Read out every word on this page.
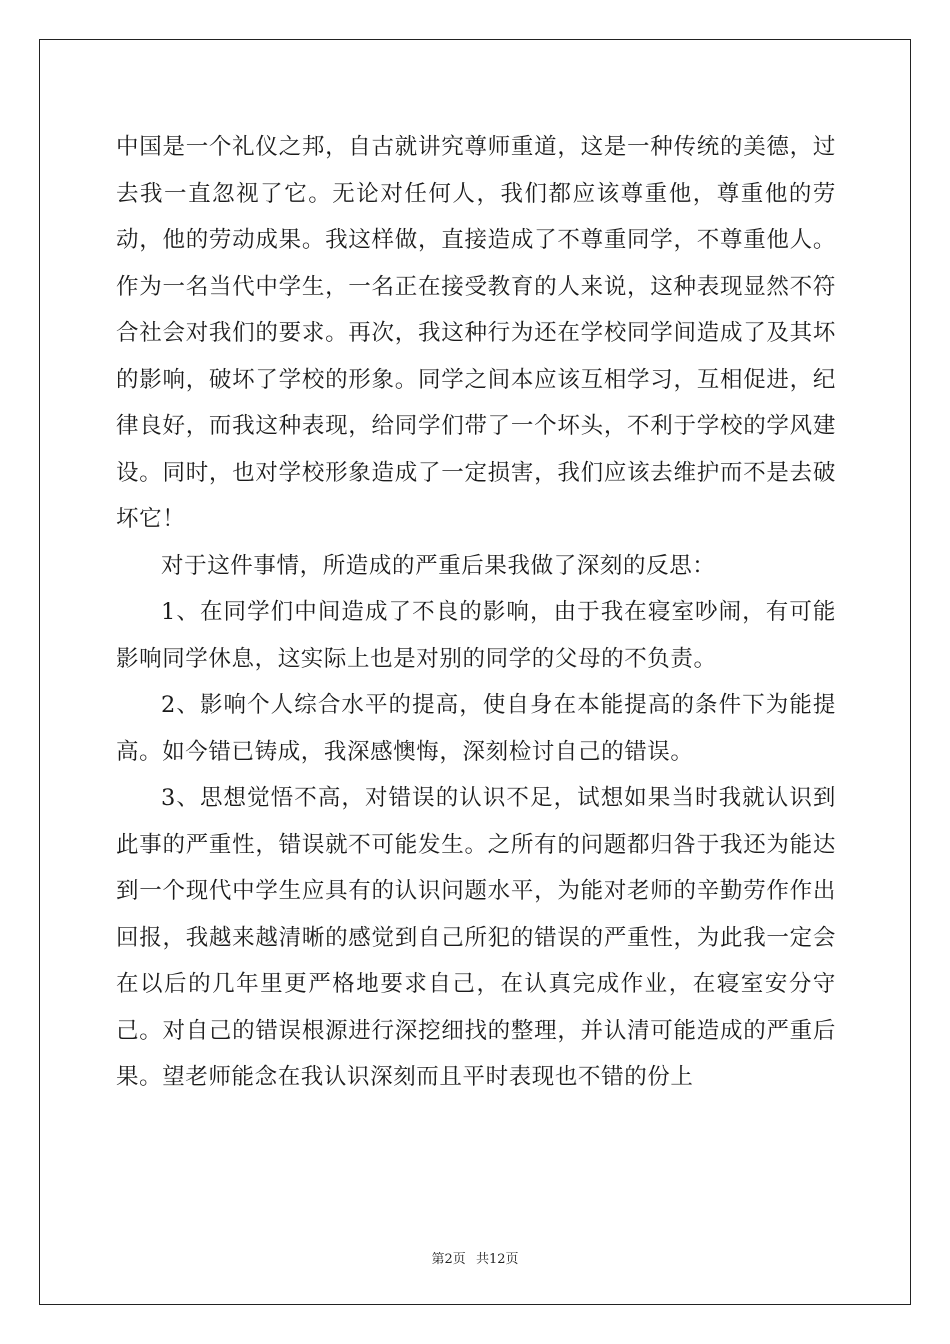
中国是一个礼仪之邦，自古就讲究尊师重道，这是一种传统的美德，过去我一直忽视了它。无论对任何人，我们都应该尊重他，尊重他的劳动，他的劳动成果。我这样做，直接造成了不尊重同学，不尊重他人。作为一名当代中学生，一名正在接受教育的人来说，这种表现显然不符合社会对我们的要求。再次，我这种行为还在学校同学间造成了及其坏的影响，破坏了学校的形象。同学之间本应该互相学习，互相促进，纪律良好，而我这种表现，给同学们带了一个坏头，不利于学校的学风建设。同时，也对学校形象造成了一定损害，我们应该去维护而不是去破坏它！

对于这件事情，所造成的严重后果我做了深刻的反思：

1、在同学们中间造成了不良的影响，由于我在寝室吵闹，有可能影响同学休息，这实际上也是对别的同学的父母的不负责。

2、影响个人综合水平的提高，使自身在本能提高的条件下为能提高。如今错已铸成，我深感懊悔，深刻检讨自己的错误。

3、思想觉悟不高，对错误的认识不足，试想如果当时我就认识到此事的严重性，错误就不可能发生。之所有的问题都归咎于我还为能达到一个现代中学生应具有的认识问题水平，为能对老师的辛勤劳作作出回报，我越来越清晰的感觉到自己所犯的错误的严重性，为此我一定会在以后的几年里更严格地要求自己，在认真完成作业，在寝室安分守己。对自己的错误根源进行深挖细找的整理，并认清可能造成的严重后果。望老师能念在我认识深刻而且平时表现也不错的份上

第2页 共12页
